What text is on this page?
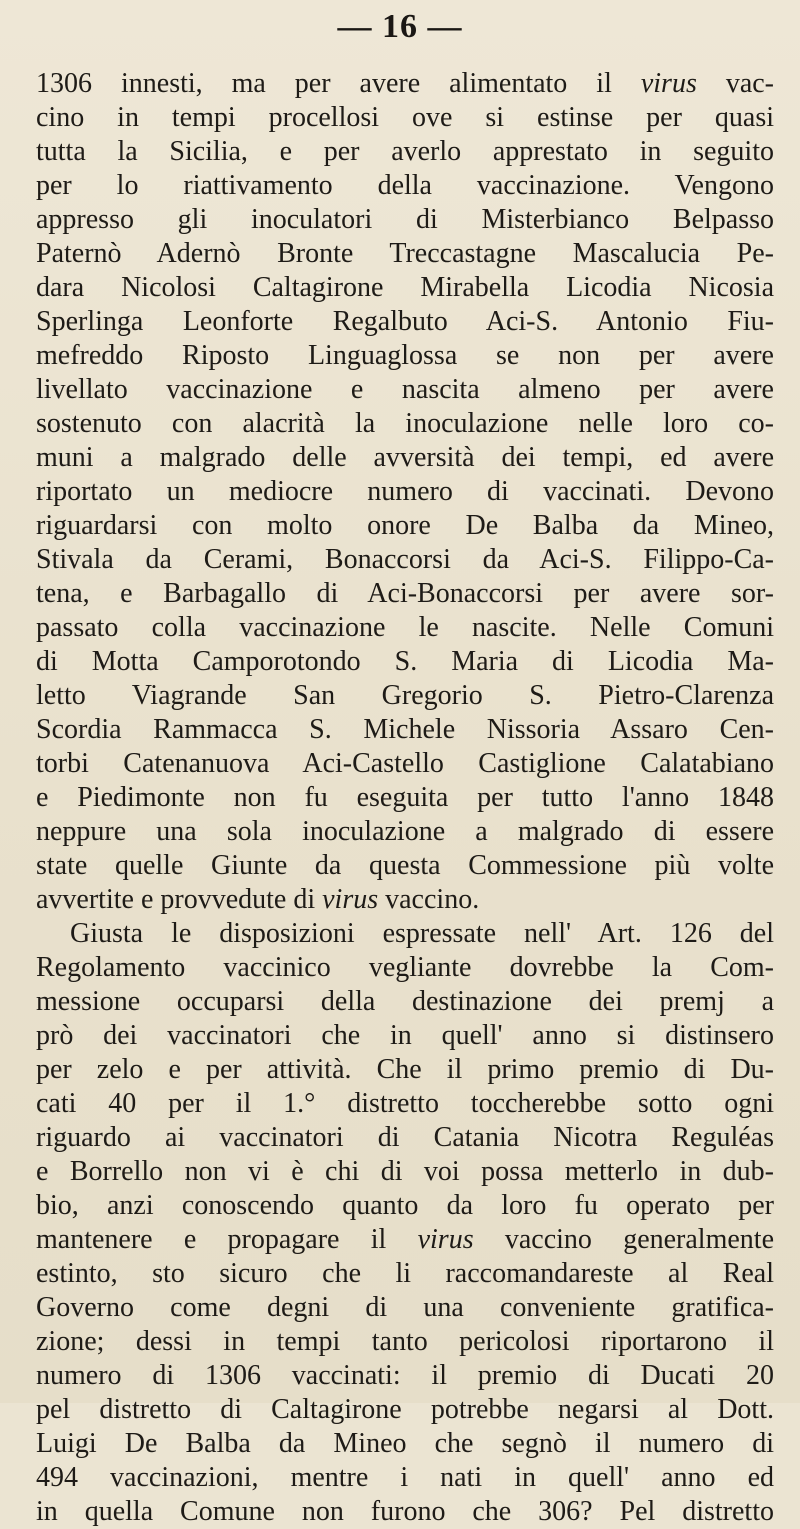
— 16 —
1306 innesti, ma per avere alimentato il virus vac-
cino in tempi procellosi ove si estinse per quasi
tutta la Sicilia, e per averlo apprestato in seguito
per lo riattivamento della vaccinazione. Vengono
appresso gli inoculatori di Misterbianco Belpasso
Paternò Adernò Bronte Treccastagne Mascalucia Pe-
dara Nicolosi Caltagirone Mirabella Licodia Nicosia
Sperlinga Leonforte Regalbuto Aci-S. Antonio Fiu-
mefreddo Riposto Linguaglossa se non per avere
livellato vaccinazione e nascita almeno per avere
sostenuto con alacrità la inoculazione nelle loro co-
muni a malgrado delle avversità dei tempi, ed avere
riportato un mediocre numero di vaccinati. Devono
riguardarsi con molto onore De Balba da Mineo,
Stivala da Cerami, Bonaccorsi da Aci-S. Filippo-Ca-
tena, e Barbagallo di Aci-Bonaccorsi per avere sor-
passato colla vaccinazione le nascite. Nelle Comuni
di Motta Camporotondo S. Maria di Licodia Ma-
letto Viagrande San Gregorio S. Pietro-Clarenza
Scordia Rammacca S. Michele Nissoria Assaro Cen-
torbi Catenanuova Aci-Castello Castiglione Calatabiano
e Piedimonte non fu eseguita per tutto l'anno 1848
neppure una sola inoculazione a malgrado di essere
state quelle Giunte da questa Commessione più volte
avvertite e provvedute di virus vaccino.
Giusta le disposizioni espressate nell' Art. 126 del
Regolamento vaccinico vegliante dovrebbe la Com-
messione occuparsi della destinazione dei premj a
prò dei vaccinatori che in quell' anno si distinsero
per zelo e per attività. Che il primo premio di Du-
cati 40 per il 1.° distretto toccherebbe sotto ogni
riguardo ai vaccinatori di Catania Nicotra Reguléas
e Borrello non vi è chi di voi possa metterlo in dub-
bio, anzi conoscendo quanto da loro fu operato per
mantenere e propagare il virus vaccino generalmente
estinto, sto sicuro che li raccomandareste al Real
Governo come degni di una conveniente gratifica-
zione; dessi in tempi tanto pericolosi riportarono il
numero di 1306 vaccinati: il premio di Ducati 20
pel distretto di Caltagirone potrebbe negarsi al Dott.
Luigi De Balba da Mineo che segnò il numero di
494 vaccinazioni, mentre i nati in quell' anno ed
in quella Comune non furono che 306? Pel distretto
